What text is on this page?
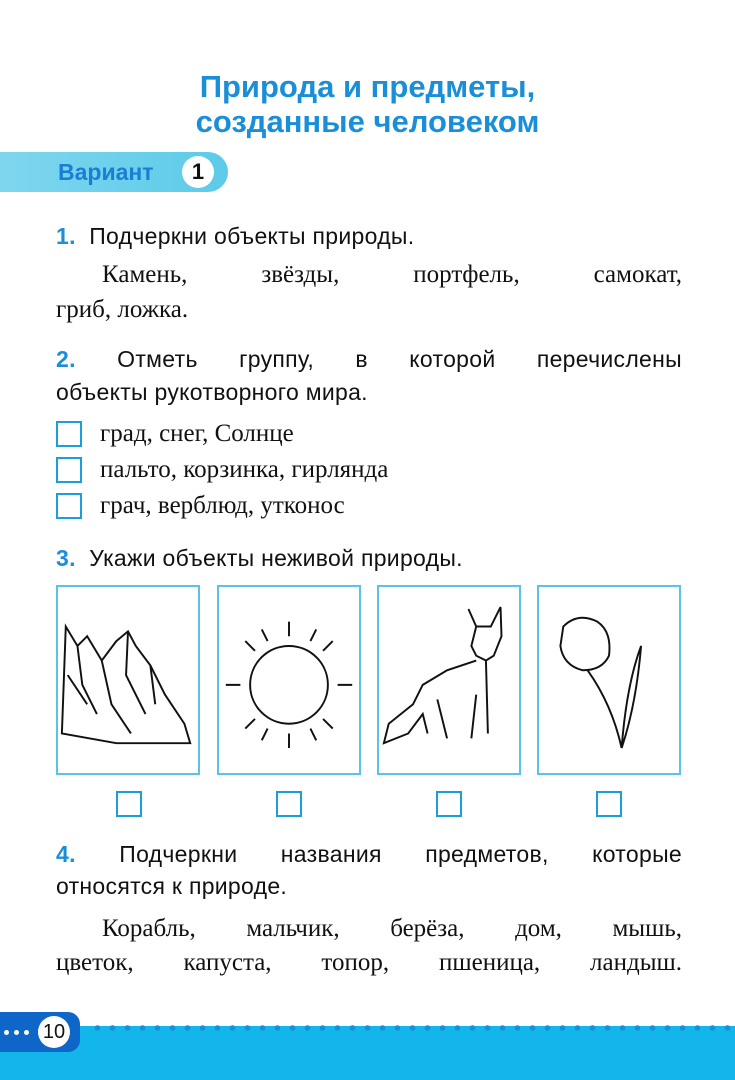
Природа и предметы,
созданные человеком
Вариант	1
1. Подчеркни объекты природы.
Камень, звёзды, портфель, самокат,
гриб, ложка.
2. Отметь группу, в которой перечислены
объекты рукотворного мира.
град, снег, Солнце
пальто, корзинка, гирлянда
грач, верблюд, утконос
3. Укажи объекты неживой природы.
4. Подчеркни названия предметов, которые
относятся к природе.
Корабль, мальчик, берёза, дом, мышь,
цветок, капуста, топор, пшеница, ландыш.
10
